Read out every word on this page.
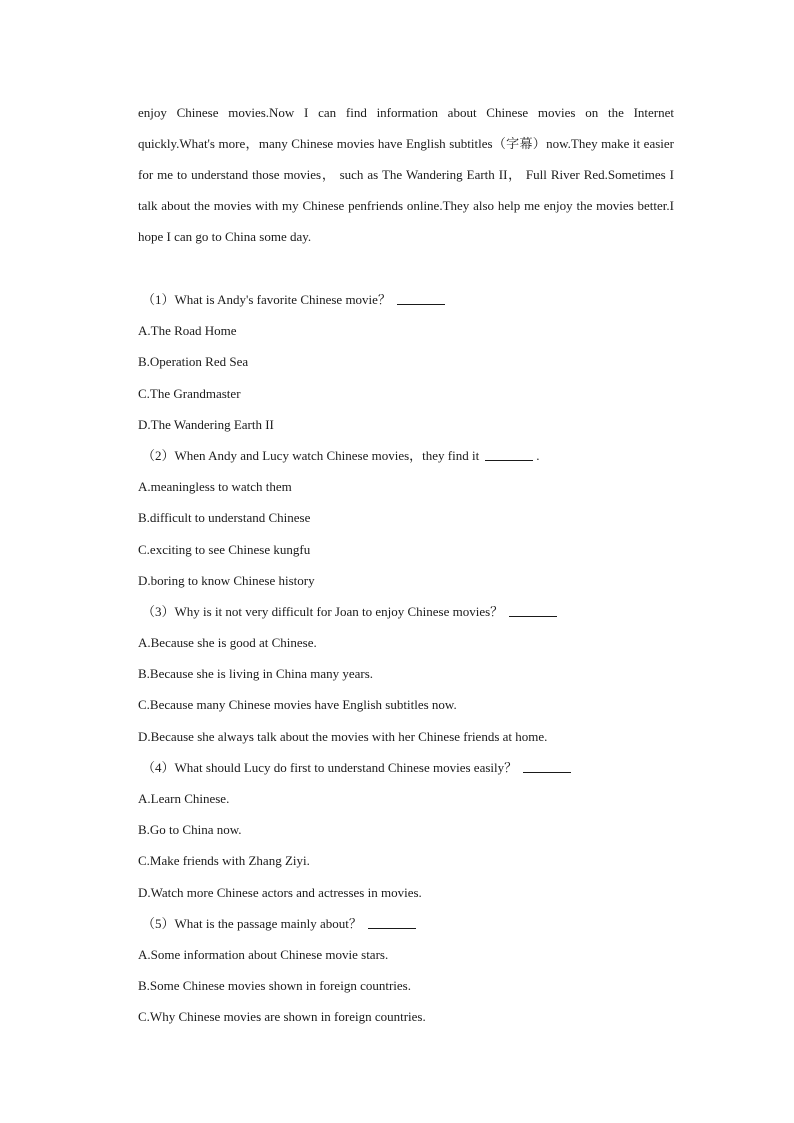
enjoy Chinese movies.Now I can find information about Chinese movies on the Internet quickly.What's more，many Chinese movies have English subtitles（字幕）now.They make it easier for me to understand those movies， such as The Wandering Earth II， Full River Red.Sometimes I talk about the movies with my Chinese penfriends online.They also help me enjoy the movies better.I hope I can go to China some day.

（1）What is Andy's favorite Chinese movie？
A.The Road Home
B.Operation Red Sea
C.The Grandmaster
D.The Wandering Earth II
（2）When Andy and Lucy watch Chinese movies，they find it	.
A.meaningless to watch them
B.difficult to understand Chinese
C.exciting to see Chinese kungfu
D.boring to know Chinese history
（3）Why is it not very difficult for Joan to enjoy Chinese movies？
A.Because she is good at Chinese.
B.Because she is living in China many years.
C.Because many Chinese movies have English subtitles now.
D.Because she always talk about the movies with her Chinese friends at home.
（4）What should Lucy do first to understand Chinese movies easily？
A.Learn Chinese.
B.Go to China now.
C.Make friends with Zhang Ziyi.
D.Watch more Chinese actors and actresses in movies.
（5）What is the passage mainly about？
A.Some information about Chinese movie stars.
B.Some Chinese movies shown in foreign countries.
C.Why Chinese movies are shown in foreign countries.
